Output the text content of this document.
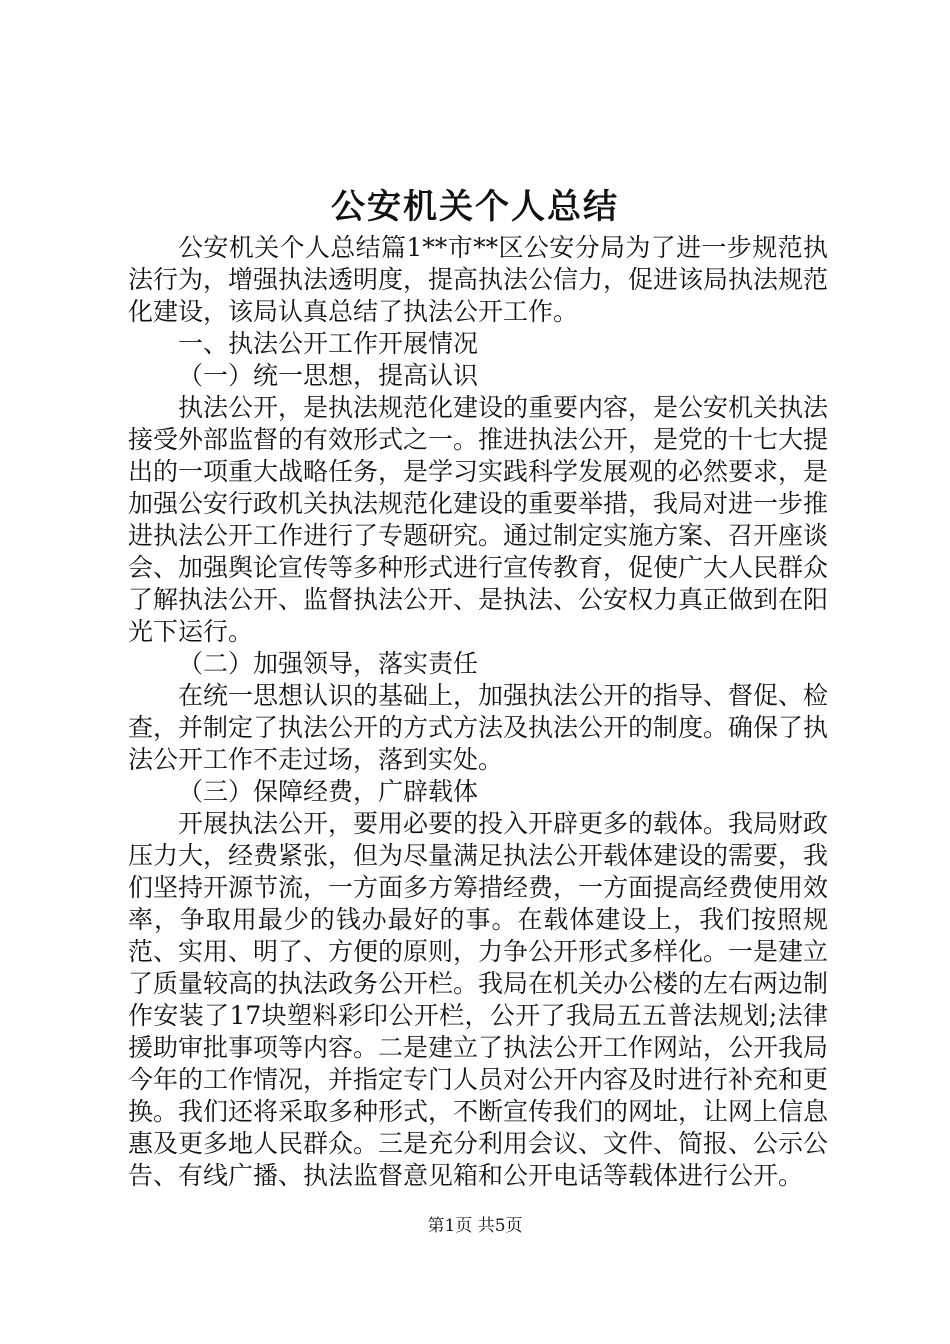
公安机关个人总结

公安机关个人总结篇1**市**区公安分局为了进一步规范执法行为，增强执法透明度，提高执法公信力，促进该局执法规范化建设，该局认真总结了执法公开工作。

一、执法公开工作开展情况

（一）统一思想，提高认识

执法公开，是执法规范化建设的重要内容，是公安机关执法接受外部监督的有效形式之一。推进执法公开，是党的十七大提出的一项重大战略任务，是学习实践科学发展观的必然要求，是加强公安行政机关执法规范化建设的重要举措，我局对进一步推进执法公开工作进行了专题研究。通过制定实施方案、召开座谈会、加强舆论宣传等多种形式进行宣传教育，促使广大人民群众了解执法公开、监督执法公开、是执法、公安权力真正做到在阳光下运行。

（二）加强领导，落实责任

在统一思想认识的基础上，加强执法公开的指导、督促、检查，并制定了执法公开的方式方法及执法公开的制度。确保了执法公开工作不走过场，落到实处。

（三）保障经费，广辟载体

开展执法公开，要用必要的投入开辟更多的载体。我局财政压力大，经费紧张，但为尽量满足执法公开载体建设的需要，我们坚持开源节流，一方面多方筹措经费，一方面提高经费使用效率，争取用最少的钱办最好的事。在载体建设上，我们按照规范、实用、明了、方便的原则，力争公开形式多样化。一是建立了质量较高的执法政务公开栏。我局在机关办公楼的左右两边制作安装了17块塑料彩印公开栏，公开了我局五五普法规划;法律援助审批事项等内容。二是建立了执法公开工作网站，公开我局今年的工作情况，并指定专门人员对公开内容及时进行补充和更换。我们还将采取多种形式，不断宣传我们的网址，让网上信息惠及更多地人民群众。三是充分利用会议、文件、简报、公示公告、有线广播、执法监督意见箱和公开电话等载体进行公开。

第1页 共5页
